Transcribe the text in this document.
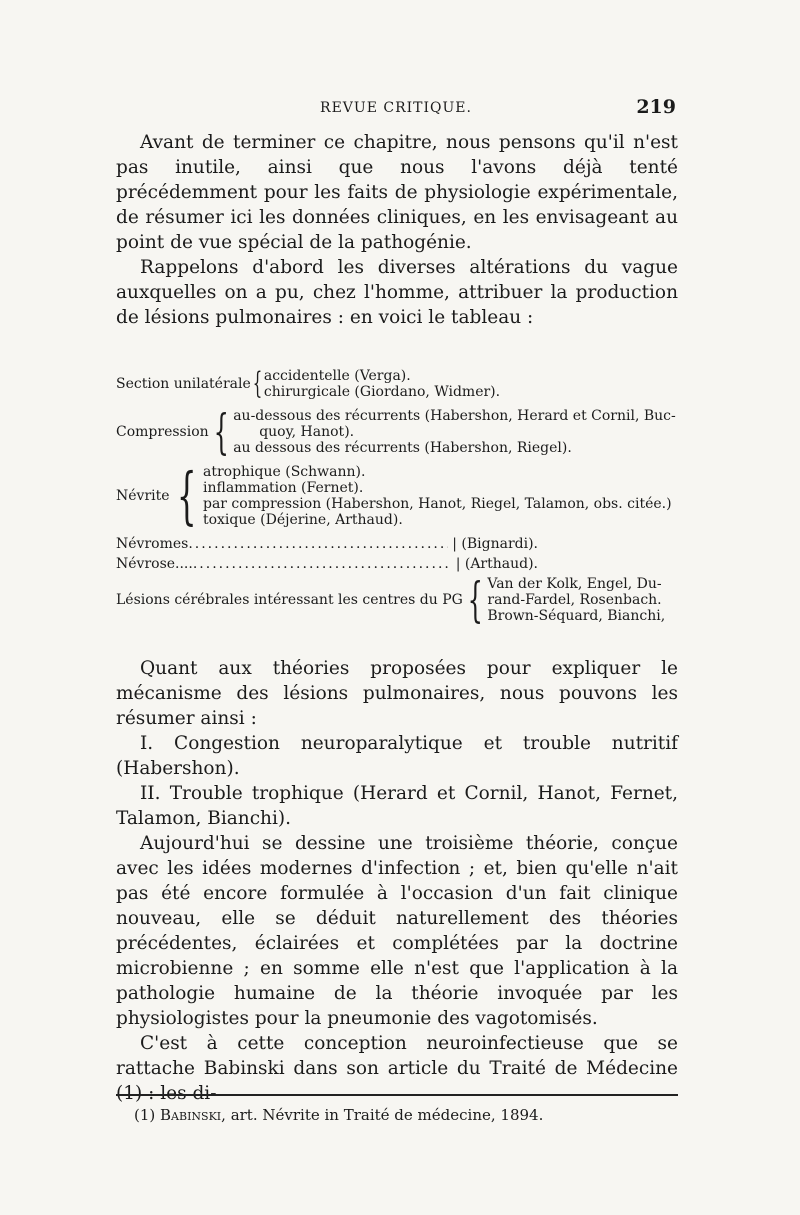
REVUE CRITIQUE.	219

Avant de terminer ce chapitre, nous pensons qu'il n'est pas inutile, ainsi que nous l'avons déjà tenté précédemment pour les faits de physiologie expérimentale, de résumer ici les données cliniques, en les envisageant au point de vue spécial de la pathogénie.

Rappelons d'abord les diverses altérations du vague auxquelles on a pu, chez l'homme, attribuer la production de lésions pulmonaires : en voici le tableau :

Section unilatérale { accidentelle (Verga).
chirurgicale (Giordano, Widmer).
Compression { au-dessous des récurrents (Habershon, Herard et Cornil, Buc-
quoy, Hanot).
au dessous des récurrents (Habershon, Riegel).
Névrite { atrophique (Schwann).
inflammation (Fernet).
par compression (Habershon, Hanot, Riegel, Talamon, obs. citée.)
toxique (Déjerine, Arthaud).
Névromes .....	| (Bignardi).
Névrose.... .....	| (Arthaud).
Lésions cérébrales intéressant les centres du PG { Van der Kolk, Engel, Du-
rand-Fardel, Rosenbach.
Brown-Séquard, Bianchi,

Quant aux théories proposées pour expliquer le mécanisme des lésions pulmonaires, nous pouvons les résumer ainsi :

I. Congestion neuroparalytique et trouble nutritif (Habershon).

II. Trouble trophique (Herard et Cornil, Hanot, Fernet, Talamon, Bianchi).

Aujourd'hui se dessine une troisième théorie, conçue avec les idées modernes d'infection ; et, bien qu'elle n'ait pas été encore formulée à l'occasion d'un fait clinique nouveau, elle se déduit naturellement des théories précédentes, éclairées et complétées par la doctrine microbienne ; en somme elle n'est que l'application à la pathologie humaine de la théorie invoquée par les physiologistes pour la pneumonie des vagotomisés.

C'est à cette conception neuroinfectieuse que se rattache Babinski dans son article du Traité de Médecine (1) : les di-

(1) Babinski, art. Névrite in Traité de médecine, 1894.
